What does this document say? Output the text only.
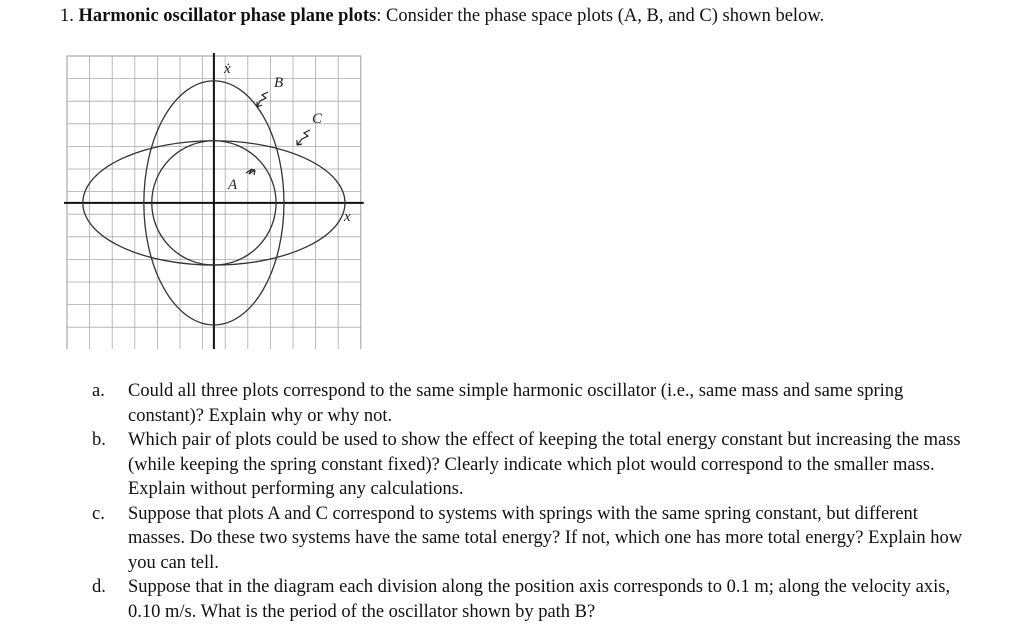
1. Harmonic oscillator phase plane plots: Consider the phase space plots (A, B, and C) shown below.
ẋ
x
A
B
C
a. Could all three plots correspond to the same simple harmonic oscillator (i.e., same mass and same spring constant)? Explain why or why not.
b. Which pair of plots could be used to show the effect of keeping the total energy constant but increasing the mass (while keeping the spring constant fixed)? Clearly indicate which plot would correspond to the smaller mass. Explain without performing any calculations.
c. Suppose that plots A and C correspond to systems with springs with the same spring constant, but different masses. Do these two systems have the same total energy? If not, which one has more total energy? Explain how you can tell.
d. Suppose that in the diagram each division along the position axis corresponds to 0.1 m; along the velocity axis, 0.10 m/s. What is the period of the oscillator shown by path B?
